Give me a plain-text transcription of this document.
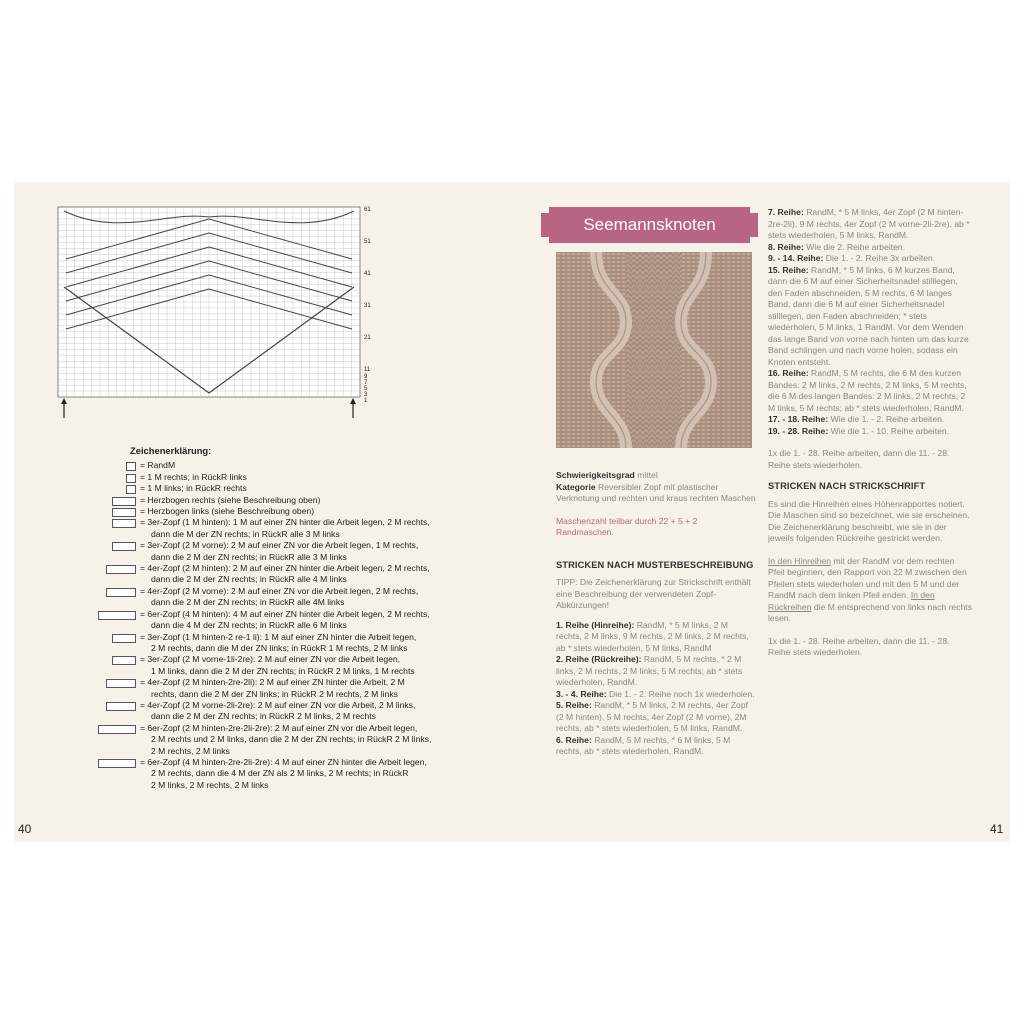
40	41
61
51
41
31
21
11
9
7
5
3
1
Zeichenerklärung:
= RandM
= 1 M rechts; in RückR links
= 1 M links; in RückR rechts
= Herzbogen rechts (siehe Beschreibung oben)
= Herzbogen links (siehe Beschreibung oben)
= 3er-Zopf (1 M hinten): 1 M auf einer ZN hinter die Arbeit legen, 2 M rechts,
dann die M der ZN rechts; in RückR alle 3 M links
= 3er-Zopf (2 M vorne): 2 M auf einer ZN vor die Arbeit legen, 1 M rechts,
dann die 2 M der ZN rechts; in RückR alle 3 M links
= 4er-Zopf (2 M hinten): 2 M auf einer ZN hinter die Arbeit legen, 2 M rechts,
dann die 2 M der ZN rechts; in RückR alle 4 M links
= 4er-Zopf (2 M vorne): 2 M auf einer ZN vor die Arbeit legen, 2 M rechts,
dann die 2 M der ZN rechts; in RückR alle 4M links
= 6er-Zopf (4 M hinten): 4 M auf einer ZN hinter die Arbeit legen, 2 M rechts,
dann die 4 M der ZN rechts; in RückR alle 6 M links
= 3er-Zopf (1 M hinten-2 re-1 li): 1 M auf einer ZN hinter die Arbeit legen,
2 M rechts, dann die M der ZN links; in RückR 1 M rechts, 2 M links
= 3er-Zopf (2 M vorne-1li-2re): 2 M auf einer ZN vor die Arbeit legen,
1 M links, dann die 2 M der ZN rechts; in RückR 2 M links, 1 M rechts
= 4er-Zopf (2 M hinten-2re-2li): 2 M auf einer ZN hinter die Arbeit, 2 M
rechts, dann die 2 M der ZN links; in RückR 2 M rechts, 2 M links
= 4er-Zopf (2 M vorne-2li-2re): 2 M auf einer ZN vor die Arbeit, 2 M links,
dann die 2 M der ZN rechts; in RückR 2 M links, 2 M rechts
= 6er-Zopf (2 M hinten-2re-2li-2re): 2 M auf einer ZN vor die Arbeit legen,
2 M rechts und 2 M links, dann die 2 M der ZN rechts; in RückR 2 M links,
2 M rechts, 2 M links
= 6er-Zopf (4 M hinten-2re-2li-2re): 4 M auf einer ZN hinter die Arbeit legen,
2 M rechts, dann die 4 M der ZN als 2 M links, 2 M rechts; in RückR
2 M links, 2 M rechts, 2 M links
Seemannsknoten

Schwierigkeitsgrad mittel

Kategorie Reversibler Zopf mit plastischer Verknotung und rechten und kraus rechten Maschen

Maschenzahl teilbar durch 22 + 5 + 2 Randmaschen.

STRICKEN NACH MUSTERBESCHREIBUNG

TIPP: Die Zeichenerklärung zur Strickschrift enthält eine Beschreibung der verwendeten Zopf-Abkürzungen!

1. Reihe (Hinreihe): RandM, * 5 M links, 2 M rechts, 2 M links, 9 M rechts, 2 M links, 2 M rechts, ab * stets wiederholen, 5 M links, RandM

2. Reihe (Rückreihe): RandM, 5 M rechts, * 2 M links, 2 M rechts, 2 M links, 5 M rechts; ab * stets wiederholen, RandM.

3. - 4. Reihe: Die 1. - 2. Reihe noch 1x wiederholen.

5. Reihe: RandM, * 5 M links, 2 M rechts, 4er Zopf (2 M hinten), 5 M rechts, 4er Zopf (2 M vorne), 2M rechts, ab * stets wiederholen, 5 M links, RandM.

6. Reihe: RandM, 5 M rechts, * 6 M links, 5 M rechts, ab * stets wiederholen, RandM.

7. Reihe: RandM, * 5 M links, 4er Zopf (2 M hinten-2re-2li), 9 M rechts, 4er Zopf (2 M vorne-2li-2re), ab * stets wiederholen, 5 M links, RandM.

8. Reihe: Wie die 2. Reihe arbeiten.

9. - 14. Reihe: Die 1. - 2. Reihe 3x arbeiten.

15. Reihe: RandM, * 5 M links, 6 M kurzes Band, dann die 6 M auf einer Sicherheitsnadel stilllegen, den Faden abschneiden, 5 M rechts, 6 M langes Band, dann die 6 M auf einer Sicherheitsnadel stilllegen, den Faden abschneiden; * stets wiederholen, 5 M links, 1 RandM. Vor dem Wenden das lange Band von vorne nach hinten um das kurze Band schlingen und nach vorne holen, sodass ein Knoten entsteht.

16. Reihe: RandM, 5 M rechts, die 6 M des kurzen Bandes: 2 M links, 2 M rechts, 2 M links, 5 M rechts, die 6 M des langen Bandes: 2 M links, 2 M rechts, 2 M links, 5 M rechts; ab * stets wiederholen, RandM.

17. - 18. Reihe: Wie die 1. - 2. Reihe arbeiten.

19. - 28. Reihe: Wie die 1. - 10. Reihe arbeiten.

1x die 1. - 28. Reihe arbeiten, dann die 11. - 28. Reihe stets wiederholen.

STRICKEN NACH STRICKSCHRIFT

Es sind die Hinreihen eines Höhenrapportes notiert. Die Maschen sind so bezeichnet, wie sie erscheinen. Die Zeichenerklärung beschreibt, wie sie in der jeweils folgenden Rückreihe gestrickt werden.

In den Hinreihen mit der RandM vor dem rechten Pfeil beginnen, den Rapport von 22 M zwischen den Pfeilen stets wiederholen und mit den 5 M und der RandM nach dem linken Pfeil enden. In den Rückreihen die M entsprechend von links nach rechts lesen.

1x die 1. - 28. Reihe arbeiten, dann die 11. - 28. Reihe stets wiederholen.
